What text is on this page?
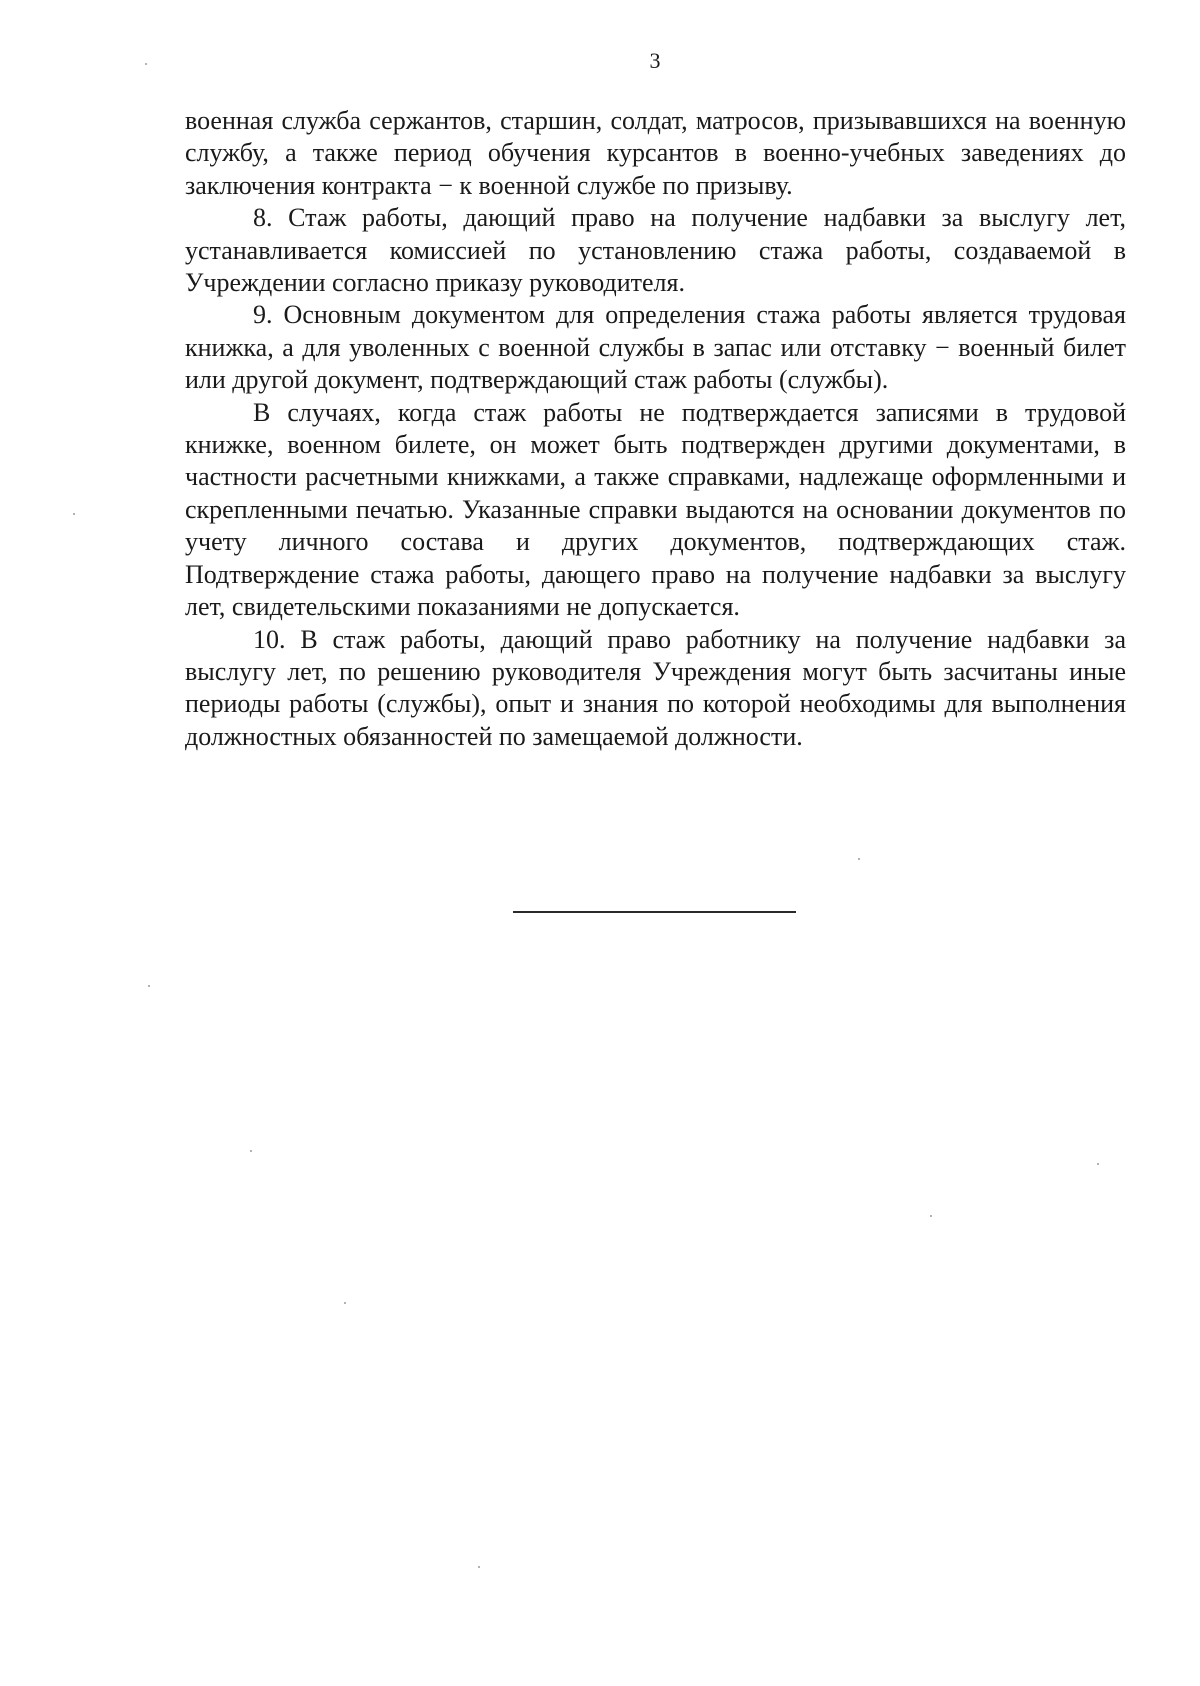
3

военная служба сержантов, старшин, солдат, матросов, призывавшихся на военную службу, а также период обучения курсантов в военно-учебных заведениях до заключения контракта − к военной службе по призыву.

8. Стаж работы, дающий право на получение надбавки за выслугу лет, устанавливается комиссией по установлению стажа работы, создаваемой в Учреждении согласно приказу руководителя.

9. Основным документом для определения стажа работы является трудовая книжка, а для уволенных с военной службы в запас или отставку − военный билет или другой документ, подтверждающий стаж работы (службы).

В случаях, когда стаж работы не подтверждается записями в трудовой книжке, военном билете, он может быть подтвержден другими документами, в частности расчетными книжками, а также справками, надлежаще оформленными и скрепленными печатью. Указанные справки выдаются на основании документов по учету личного состава и других документов, подтверждающих стаж. Подтверждение стажа работы, дающего право на получение надбавки за выслугу лет, свидетельскими показаниями не допускается.

10. В стаж работы, дающий право работнику на получение надбавки за выслугу лет, по решению руководителя Учреждения могут быть засчитаны иные периоды работы (службы), опыт и знания по которой необходимы для выполнения должностных обязанностей по замещаемой должности.
